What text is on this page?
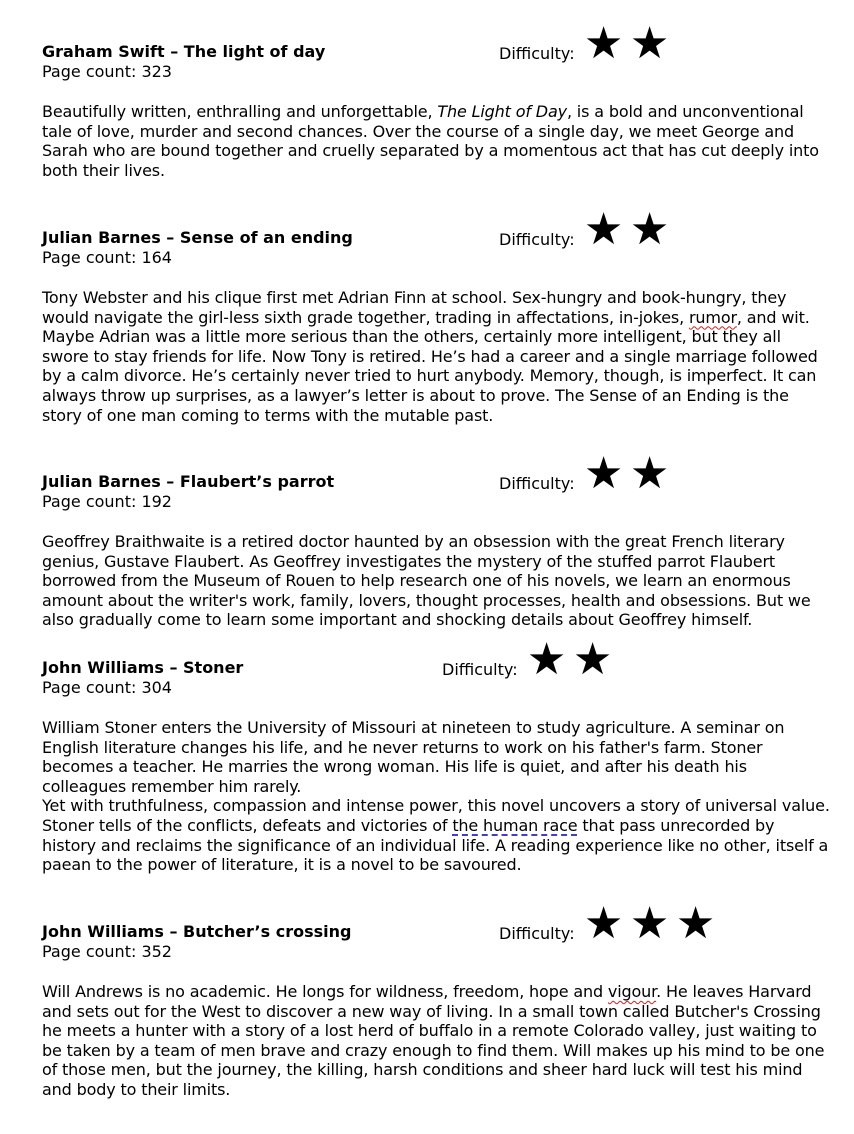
Graham Swift – The light of day	Difficulty: ★ ★
Page count: 323

Beautifully written, enthralling and unforgettable, The Light of Day, is a bold and unconventional tale of love, murder and second chances. Over the course of a single day, we meet George and Sarah who are bound together and cruelly separated by a momentous act that has cut deeply into both their lives.

Julian Barnes – Sense of an ending	Difficulty: ★ ★
Page count: 164

Tony Webster and his clique first met Adrian Finn at school. Sex-hungry and book-hungry, they would navigate the girl-less sixth grade together, trading in affectations, in-jokes, rumor, and wit. Maybe Adrian was a little more serious than the others, certainly more intelligent, but they all swore to stay friends for life. Now Tony is retired. He’s had a career and a single marriage followed by a calm divorce. He’s certainly never tried to hurt anybody. Memory, though, is imperfect. It can always throw up surprises, as a lawyer’s letter is about to prove. The Sense of an Ending is the story of one man coming to terms with the mutable past.

Julian Barnes – Flaubert’s parrot	Difficulty: ★ ★
Page count: 192

Geoffrey Braithwaite is a retired doctor haunted by an obsession with the great French literary genius, Gustave Flaubert. As Geoffrey investigates the mystery of the stuffed parrot Flaubert borrowed from the Museum of Rouen to help research one of his novels, we learn an enormous amount about the writer's work, family, lovers, thought processes, health and obsessions. But we also gradually come to learn some important and shocking details about Geoffrey himself.

John Williams – Stoner	Difficulty: ★ ★
Page count: 304

William Stoner enters the University of Missouri at nineteen to study agriculture. A seminar on English literature changes his life, and he never returns to work on his father's farm. Stoner becomes a teacher. He marries the wrong woman. His life is quiet, and after his death his colleagues remember him rarely.

Yet with truthfulness, compassion and intense power, this novel uncovers a story of universal value. Stoner tells of the conflicts, defeats and victories of the human race that pass unrecorded by history and reclaims the significance of an individual life. A reading experience like no other, itself a paean to the power of literature, it is a novel to be savoured.

John Williams – Butcher’s crossing	Difficulty: ★ ★ ★
Page count: 352

Will Andrews is no academic. He longs for wildness, freedom, hope and vigour. He leaves Harvard and sets out for the West to discover a new way of living. In a small town called Butcher's Crossing he meets a hunter with a story of a lost herd of buffalo in a remote Colorado valley, just waiting to be taken by a team of men brave and crazy enough to find them. Will makes up his mind to be one of those men, but the journey, the killing, harsh conditions and sheer hard luck will test his mind and body to their limits.
